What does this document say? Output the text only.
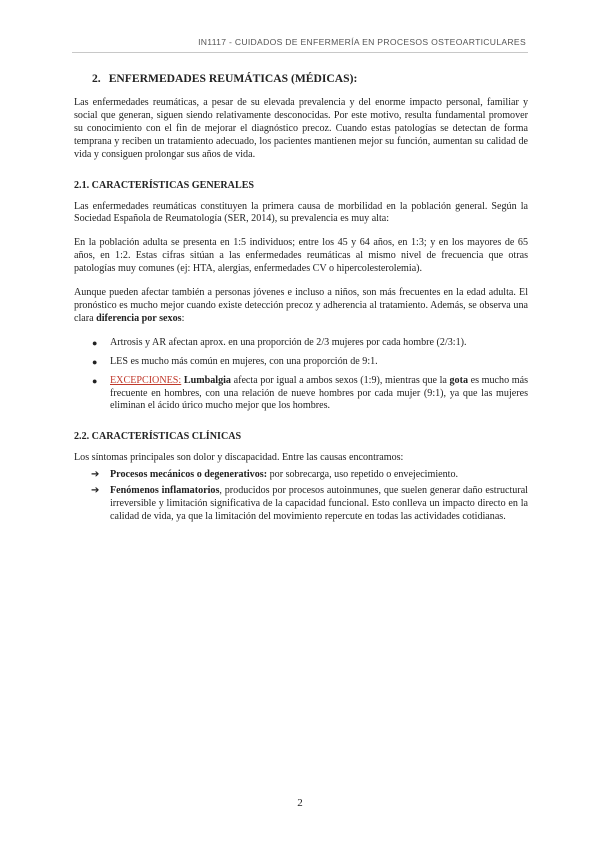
IN1117 - CUIDADOS DE ENFERMERÍA EN PROCESOS OSTEOARTICULARES
2. ENFERMEDADES REUMÁTICAS (MÉDICAS):

Las enfermedades reumáticas, a pesar de su elevada prevalencia y del enorme impacto personal, familiar y social que generan, siguen siendo relativamente desconocidas. Por este motivo, resulta fundamental promover su conocimiento con el fin de mejorar el diagnóstico precoz. Cuando estas patologías se detectan de forma temprana y reciben un tratamiento adecuado, los pacientes mantienen mejor su función, aumentan su calidad de vida y consiguen prolongar sus años de vida.

2.1. CARACTERÍSTICAS GENERALES

Las enfermedades reumáticas constituyen la primera causa de morbilidad en la población general. Según la Sociedad Española de Reumatología (SER, 2014), su prevalencia es muy alta:

En la población adulta se presenta en 1:5 individuos; entre los 45 y 64 años, en 1:3; y en los mayores de 65 años, en 1:2. Estas cifras sitúan a las enfermedades reumáticas al mismo nivel de frecuencia que otras patologías muy comunes (ej: HTA, alergias, enfermedades CV o hipercolesterolemia).

Aunque pueden afectar también a personas jóvenes e incluso a niños, son más frecuentes en la edad adulta. El pronóstico es mucho mejor cuando existe detección precoz y adherencia al tratamiento. Además, se observa una clara diferencia por sexos:

● Artrosis y AR afectan aprox. en una proporción de 2/3 mujeres por cada hombre (2/3:1).
● LES es mucho más común en mujeres, con una proporción de 9:1.
● EXCEPCIONES: Lumbalgia afecta por igual a ambos sexos (1:9), mientras que la gota es mucho más frecuente en hombres, con una relación de nueve hombres por cada mujer (9:1), ya que las mujeres eliminan el ácido úrico mucho mejor que los hombres.
2.2. CARACTERÍSTICAS CLÍNICAS

Los síntomas principales son dolor y discapacidad. Entre las causas encontramos:

➔ Procesos mecánicos o degenerativos: por sobrecarga, uso repetido o envejecimiento.
➔ Fenómenos inflamatorios, producidos por procesos autoinmunes, que suelen generar daño estructural irreversible y limitación significativa de la capacidad funcional. Esto conlleva un impacto directo en la calidad de vida, ya que la limitación del movimiento repercute en todas las actividades cotidianas.
2
